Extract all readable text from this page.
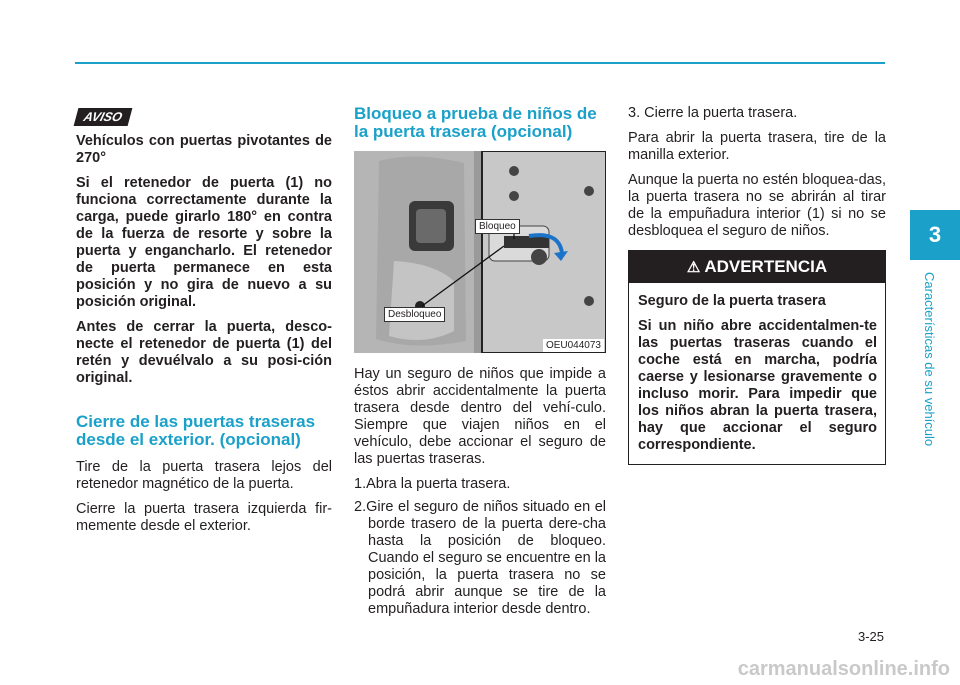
AVISO

Vehículos con puertas pivotantes de 270°

Si el retenedor de puerta (1) no funciona correctamente durante la carga, puede girarlo 180° en contra de la fuerza de resorte y sobre la puerta y engancharlo. El retenedor de puerta permanece en esta posición y no gira de nuevo a su posición original.

Antes de cerrar la puerta, desco-necte el retenedor de puerta (1) del retén y devuélvalo a su posi-ción original.

Cierre de las puertas traseras desde el exterior. (opcional)

Tire de la puerta trasera lejos del retenedor magnético de la puerta.

Cierre la puerta trasera izquierda fir-memente desde el exterior.

Bloqueo a prueba de niños de la puerta trasera (opcional)
Bloqueo
Desbloqueo
OEU044073

Hay un seguro de niños que impide a éstos abrir accidentalmente la puerta trasera desde dentro del vehí-culo. Siempre que viajen niños en el vehículo, debe accionar el seguro de las puertas traseras.

1.Abra la puerta trasera.
2.Gire el seguro de niños situado en el borde trasero de la puerta dere-cha hasta la posición de bloqueo. Cuando el seguro se encuentre en la posición, la puerta trasera no se podrá abrir aunque se tire de la empuñadura interior desde dentro.

3. Cierre la puerta trasera.

Para abrir la puerta trasera, tire de la manilla exterior.

Aunque la puerta no estén bloquea-das, la puerta trasera no se abrirán al tirar de la empuñadura interior (1) si no se desbloquea el seguro de niños.

⚠ ADVERTENCIA

Seguro de la puerta trasera

Si un niño abre accidentalmen-te las puertas traseras cuando el coche está en marcha, podría caerse y lesionarse gravemente o incluso morir. Para impedir que los niños abran la puerta trasera, hay que accionar el seguro correspondiente.

3
Características de su vehículo
3-25
carmanualsonline.info
